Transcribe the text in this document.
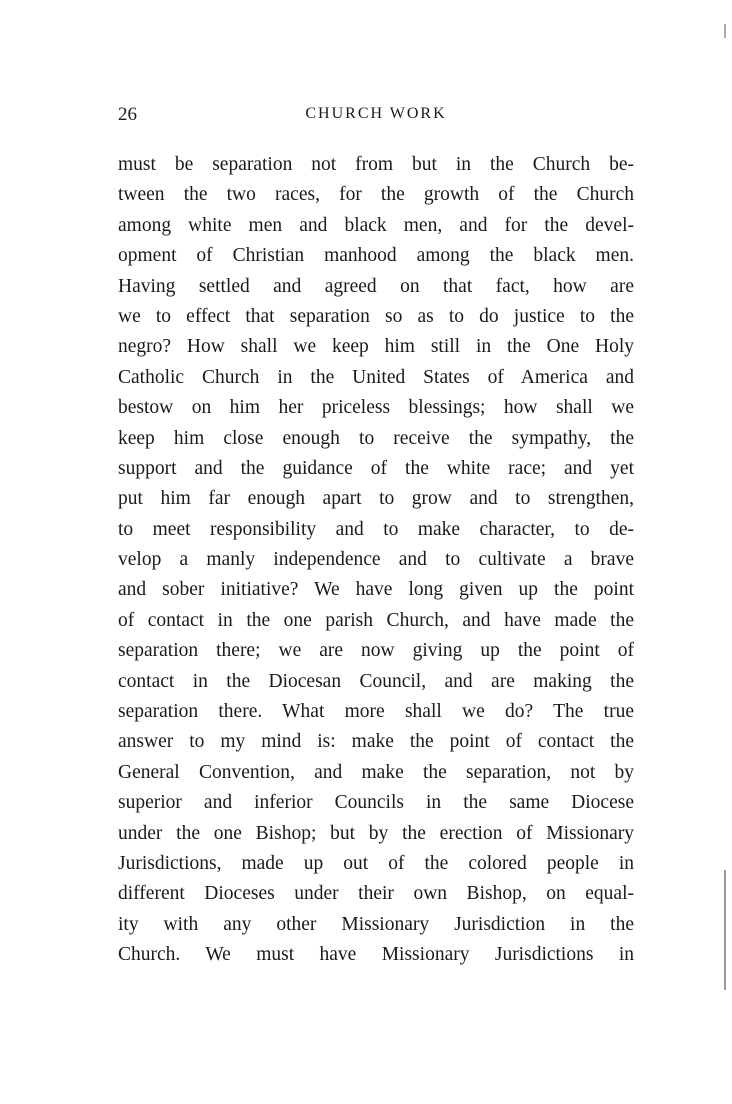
26	CHURCH WORK
must be separation not from but in the Church be-
tween the two races, for the growth of the Church
among white men and black men, and for the devel-
opment of Christian manhood among the black men.
Having settled and agreed on that fact, how are
we to effect that separation so as to do justice to the
negro? How shall we keep him still in the One Holy
Catholic Church in the United States of America and
bestow on him her priceless blessings; how shall we
keep him close enough to receive the sympathy, the
support and the guidance of the white race; and yet
put him far enough apart to grow and to strengthen,
to meet responsibility and to make character, to de-
velop a manly independence and to cultivate a brave
and sober initiative? We have long given up the point
of contact in the one parish Church, and have made the
separation there; we are now giving up the point of
contact in the Diocesan Council, and are making the
separation there. What more shall we do? The true
answer to my mind is: make the point of contact the
General Convention, and make the separation, not by
superior and inferior Councils in the same Diocese
under the one Bishop; but by the erection of Missionary
Jurisdictions, made up out of the colored people in
different Dioceses under their own Bishop, on equal-
ity with any other Missionary Jurisdiction in the
Church. We must have Missionary Jurisdictions in
